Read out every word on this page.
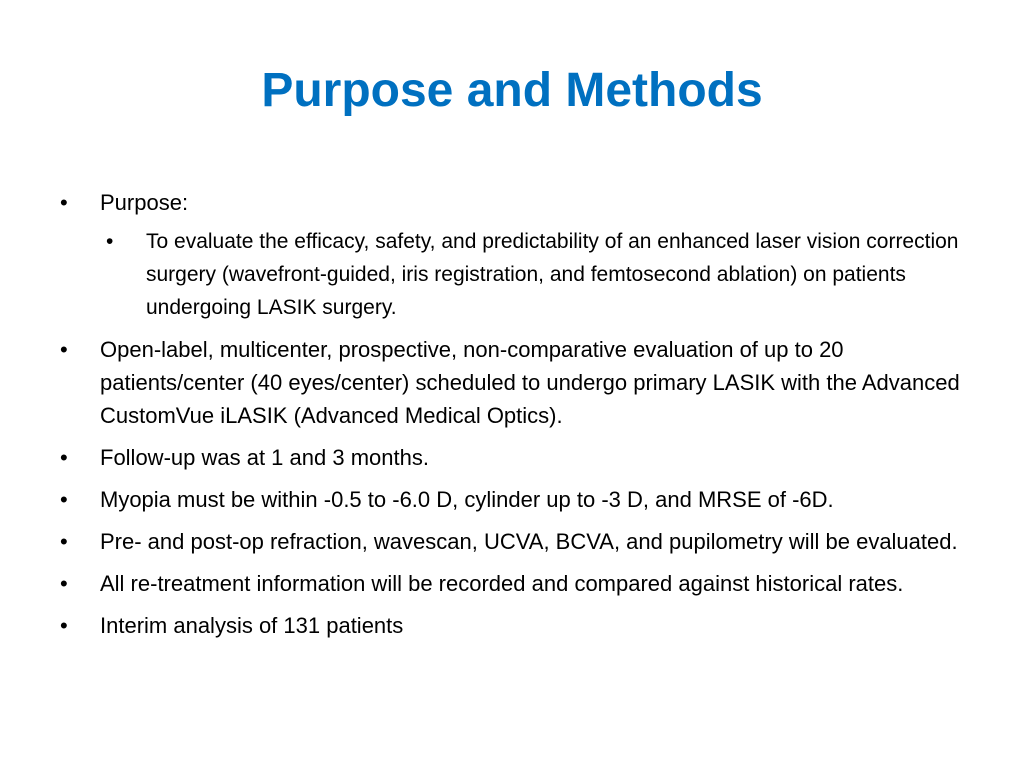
Purpose and Methods
• Purpose:
• To evaluate the efficacy, safety, and predictability of an enhanced laser vision correction surgery (wavefront-guided, iris registration, and femtosecond ablation) on patients undergoing LASIK surgery.
• Open-label, multicenter, prospective, non-comparative evaluation of up to 20 patients/center (40 eyes/center) scheduled to undergo primary LASIK with the Advanced CustomVue iLASIK (Advanced Medical Optics).
• Follow-up was at 1 and 3 months.
• Myopia must be within -0.5 to -6.0 D, cylinder up to -3 D, and MRSE of -6D.
• Pre- and post-op refraction, wavescan, UCVA, BCVA, and pupilometry will be evaluated.
• All re-treatment information will be recorded and compared against historical rates.
• Interim analysis of 131 patients
